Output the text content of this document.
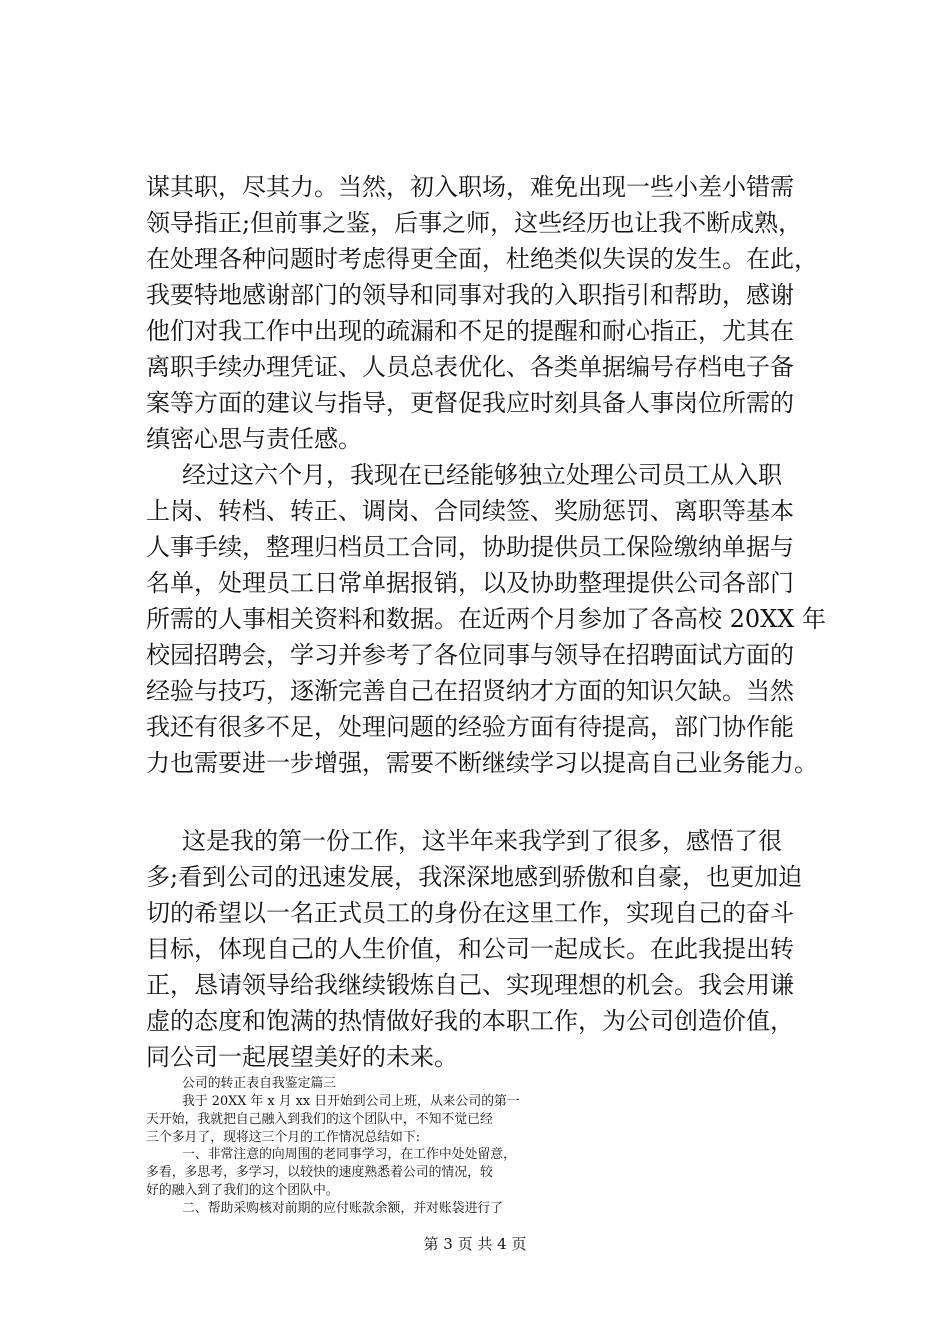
谋其职，尽其力。当然，初入职场，难免出现一些小差小错需
领导指正;但前事之鉴，后事之师，这些经历也让我不断成熟，
在处理各种问题时考虑得更全面，杜绝类似失误的发生。在此，
我要特地感谢部门的领导和同事对我的入职指引和帮助，感谢
他们对我工作中出现的疏漏和不足的提醒和耐心指正，尤其在
离职手续办理凭证、人员总表优化、各类单据编号存档电子备
案等方面的建议与指导，更督促我应时刻具备人事岗位所需的
缜密心思与责任感。
经过这六个月，我现在已经能够独立处理公司员工从入职
上岗、转档、转正、调岗、合同续签、奖励惩罚、离职等基本
人事手续，整理归档员工合同，协助提供员工保险缴纳单据与
名单，处理员工日常单据报销，以及协助整理提供公司各部门
所需的人事相关资料和数据。在近两个月参加了各高校 20XX 年
校园招聘会，学习并参考了各位同事与领导在招聘面试方面的
经验与技巧，逐渐完善自己在招贤纳才方面的知识欠缺。当然
我还有很多不足，处理问题的经验方面有待提高，部门协作能
力也需要进一步增强，需要不断继续学习以提高自己业务能力。
这是我的第一份工作，这半年来我学到了很多，感悟了很
多;看到公司的迅速发展，我深深地感到骄傲和自豪，也更加迫
切的希望以一名正式员工的身份在这里工作，实现自己的奋斗
目标，体现自己的人生价值，和公司一起成长。在此我提出转
正，恳请领导给我继续锻炼自己、实现理想的机会。我会用谦
虚的态度和饱满的热情做好我的本职工作，为公司创造价值，
同公司一起展望美好的未来。
公司的转正表自我鉴定篇三
我于 20XX 年 x 月 xx 日开始到公司上班，从来公司的第一
天开始，我就把自己融入到我们的这个团队中，不知不觉已经
三个多月了，现将这三个月的工作情况总结如下:
一、非常注意的向周围的老同事学习，在工作中处处留意，
多看，多思考，多学习，以较快的速度熟悉着公司的情况，较
好的融入到了我们的这个团队中。
二、帮助采购核对前期的应付账款余额，并对账袋进行了
第 3 页 共 4 页
